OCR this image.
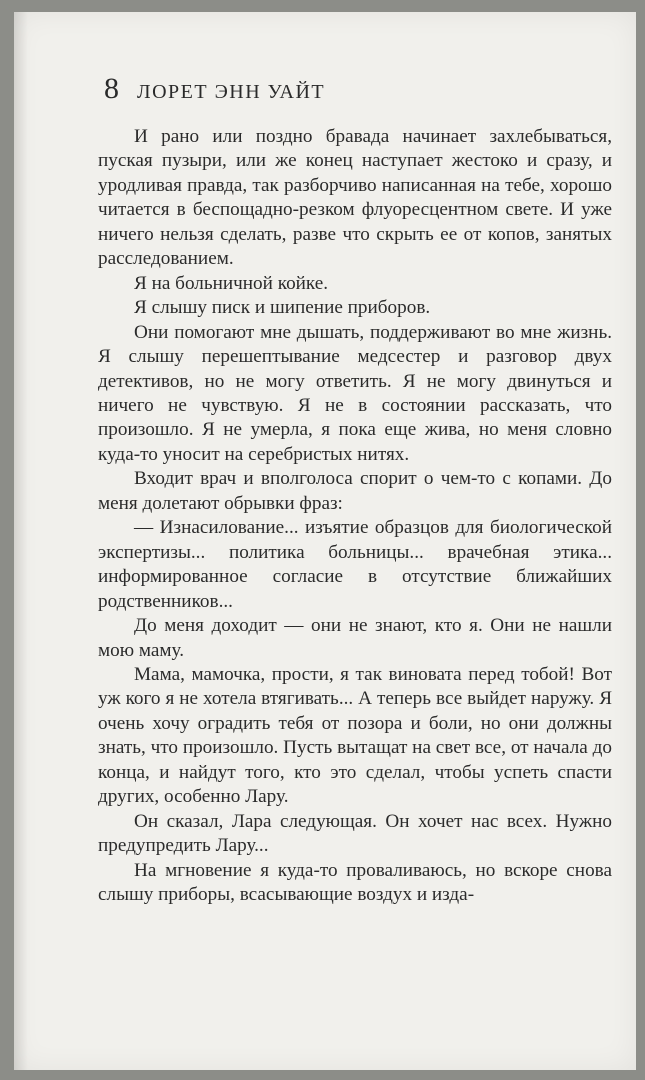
8 ЛОРЕТ ЭНН УАЙТ

И рано или поздно бравада начинает захлебываться, пуская пузыри, или же конец наступает жестоко и сразу, и уродливая правда, так разборчиво написанная на тебе, хорошо читается в беспощадно-резком флуоресцентном свете. И уже ничего нельзя сделать, разве что скрыть ее от копов, занятых расследованием.

Я на больничной койке.

Я слышу писк и шипение приборов.

Они помогают мне дышать, поддерживают во мне жизнь. Я слышу перешептывание медсестер и разговор двух детективов, но не могу ответить. Я не могу двинуться и ничего не чувствую. Я не в состоянии рассказать, что произошло. Я не умерла, я пока еще жива, но меня словно куда-то уносит на серебристых нитях.

Входит врач и вполголоса спорит о чем-то с копами. До меня долетают обрывки фраз:

— Изнасилование... изъятие образцов для биологической экспертизы... политика больницы... врачебная этика... информированное согласие в отсутствие ближайших родственников...

До меня доходит — они не знают, кто я. Они не нашли мою маму.

Мама, мамочка, прости, я так виновата перед тобой! Вот уж кого я не хотела втягивать... А теперь все выйдет наружу. Я очень хочу оградить тебя от позора и боли, но они должны знать, что произошло. Пусть вытащат на свет все, от начала до конца, и найдут того, кто это сделал, чтобы успеть спасти других, особенно Лару.

Он сказал, Лара следующая. Он хочет нас всех. Нужно предупредить Лару...

На мгновение я куда-то проваливаюсь, но вскоре снова слышу приборы, всасывающие воздух и изда-
